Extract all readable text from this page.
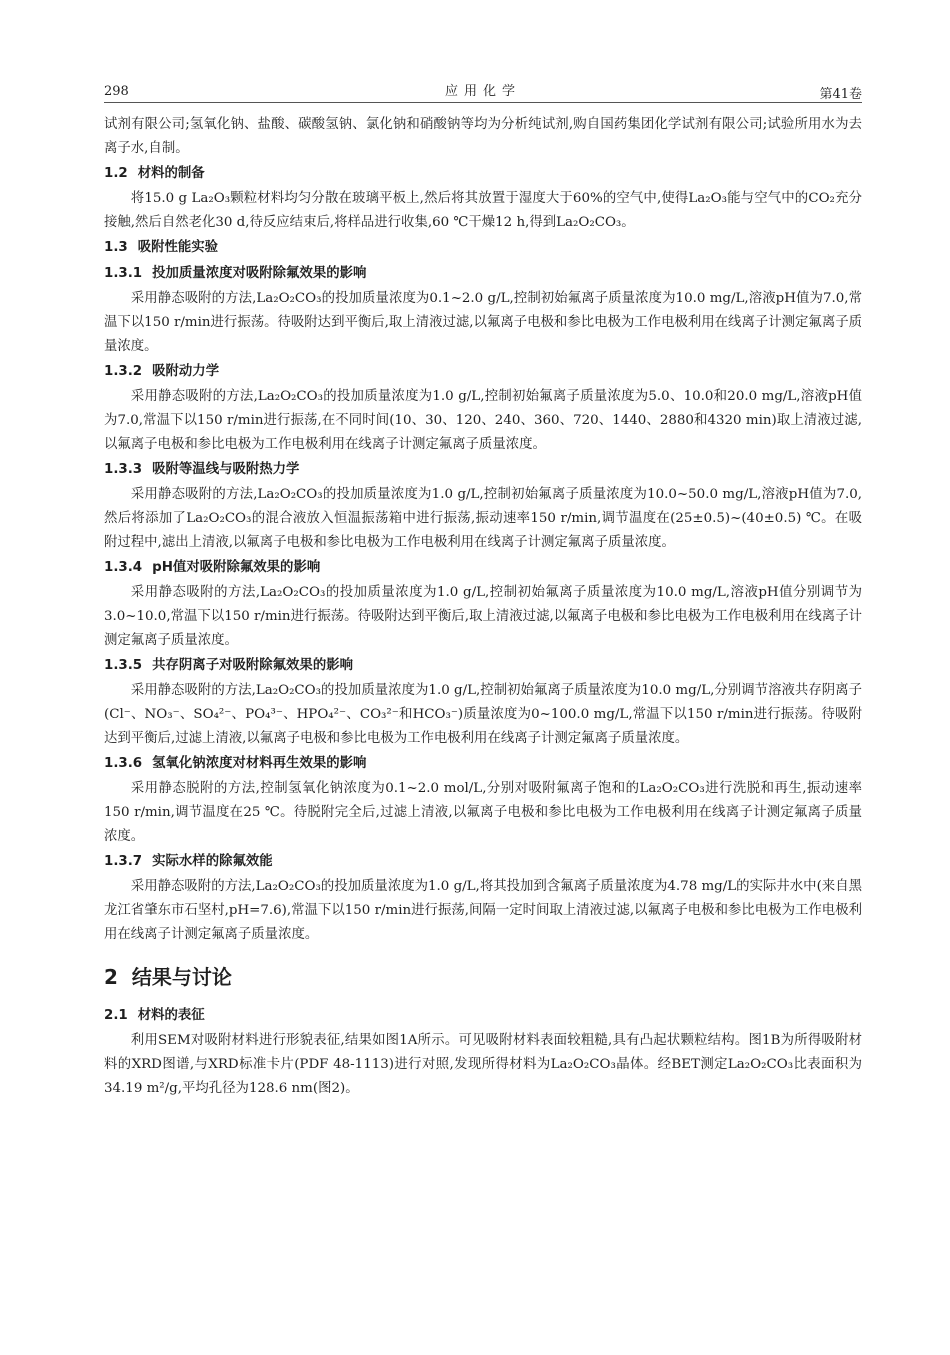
298	应用化学	第41卷

试剂有限公司;氢氧化钠、盐酸、碳酸氢钠、氯化钠和硝酸钠等均为分析纯试剂,购自国药集团化学试剂有限公司;试验所用水为去离子水,自制。

1.2 材料的制备

将15.0 g La₂O₃颗粒材料均匀分散在玻璃平板上,然后将其放置于湿度大于60%的空气中,使得La₂O₃能与空气中的CO₂充分接触,然后自然老化30 d,待反应结束后,将样品进行收集,60 ℃干燥12 h,得到La₂O₂CO₃。

1.3 吸附性能实验
1.3.1 投加质量浓度对吸附除氟效果的影响

采用静态吸附的方法,La₂O₂CO₃的投加质量浓度为0.1~2.0 g/L,控制初始氟离子质量浓度为10.0 mg/L,溶液pH值为7.0,常温下以150 r/min进行振荡。待吸附达到平衡后,取上清液过滤,以氟离子电极和参比电极为工作电极利用在线离子计测定氟离子质量浓度。

1.3.2 吸附动力学

采用静态吸附的方法,La₂O₂CO₃的投加质量浓度为1.0 g/L,控制初始氟离子质量浓度为5.0、10.0和20.0 mg/L,溶液pH值为7.0,常温下以150 r/min进行振荡,在不同时间(10、30、120、240、360、720、1440、2880和4320 min)取上清液过滤,以氟离子电极和参比电极为工作电极利用在线离子计测定氟离子质量浓度。

1.3.3 吸附等温线与吸附热力学

采用静态吸附的方法,La₂O₂CO₃的投加质量浓度为1.0 g/L,控制初始氟离子质量浓度为10.0~50.0 mg/L,溶液pH值为7.0,然后将添加了La₂O₂CO₃的混合液放入恒温振荡箱中进行振荡,振动速率150 r/min,调节温度在(25±0.5)~(40±0.5) ℃。在吸附过程中,滤出上清液,以氟离子电极和参比电极为工作电极利用在线离子计测定氟离子质量浓度。

1.3.4 pH值对吸附除氟效果的影响

采用静态吸附的方法,La₂O₂CO₃的投加质量浓度为1.0 g/L,控制初始氟离子质量浓度为10.0 mg/L,溶液pH值分别调节为3.0~10.0,常温下以150 r/min进行振荡。待吸附达到平衡后,取上清液过滤,以氟离子电极和参比电极为工作电极利用在线离子计测定氟离子质量浓度。

1.3.5 共存阴离子对吸附除氟效果的影响

采用静态吸附的方法,La₂O₂CO₃的投加质量浓度为1.0 g/L,控制初始氟离子质量浓度为10.0 mg/L,分别调节溶液共存阴离子(Cl⁻、NO₃⁻、SO₄²⁻、PO₄³⁻、HPO₄²⁻、CO₃²⁻和HCO₃⁻)质量浓度为0~100.0 mg/L,常温下以150 r/min进行振荡。待吸附达到平衡后,过滤上清液,以氟离子电极和参比电极为工作电极利用在线离子计测定氟离子质量浓度。

1.3.6 氢氧化钠浓度对材料再生效果的影响

采用静态脱附的方法,控制氢氧化钠浓度为0.1~2.0 mol/L,分别对吸附氟离子饱和的La₂O₂CO₃进行洗脱和再生,振动速率150 r/min,调节温度在25 ℃。待脱附完全后,过滤上清液,以氟离子电极和参比电极为工作电极利用在线离子计测定氟离子质量浓度。

1.3.7 实际水样的除氟效能

采用静态吸附的方法,La₂O₂CO₃的投加质量浓度为1.0 g/L,将其投加到含氟离子质量浓度为4.78 mg/L的实际井水中(来自黑龙江省肇东市石坚村,pH=7.6),常温下以150 r/min进行振荡,间隔一定时间取上清液过滤,以氟离子电极和参比电极为工作电极利用在线离子计测定氟离子质量浓度。

2 结果与讨论
2.1 材料的表征

利用SEM对吸附材料进行形貌表征,结果如图1A所示。可见吸附材料表面较粗糙,具有凸起状颗粒结构。图1B为所得吸附材料的XRD图谱,与XRD标准卡片(PDF 48-1113)进行对照,发现所得材料为La₂O₂CO₃晶体。经BET测定La₂O₂CO₃比表面积为34.19 m²/g,平均孔径为128.6 nm(图2)。
